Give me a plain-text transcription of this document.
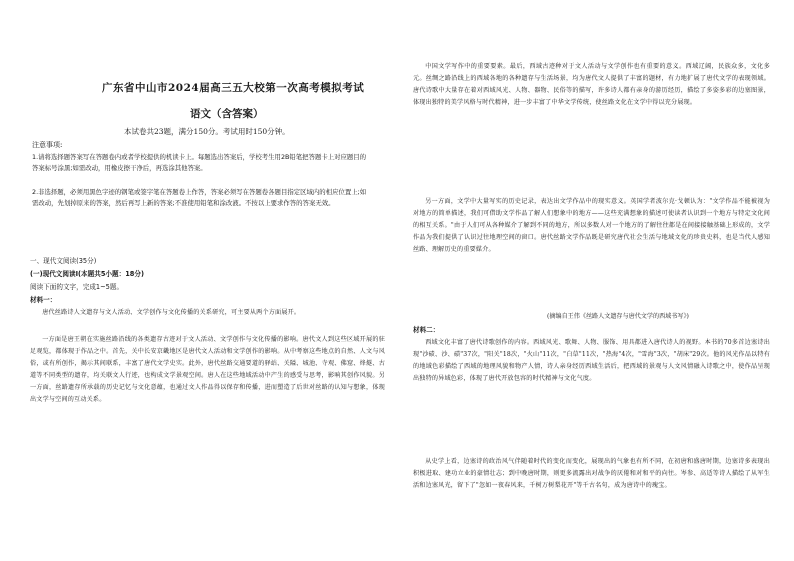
广东省中山市2024届高三五大校第一次高考模拟考试
语文（含答案）
本试卷共23题，满分150分。考试用时150分钟。
注意事项:
1.请将选择题答案写在答题卷内或者学校提供的机读卡上。每题选出答案后，学校考生用2B铅笔把答题卡上对应题目的答案标号涂黑;如需改动，用橡皮擦干净后，再选涂其他答案。
2.非选择题，必须用黑色字迹的钢笔或签字笔在答题卷上作答，答案必须写在答题卷各题目指定区域内的相应位置上;如需改动，先划掉原来的答案，然后再写上新的答案;不准使用铅笔和涂改液。不按以上要求作答的答案无效。
一、现代文阅读(35分)
(一)现代文阅读Ⅰ(本题共5小题：18分)
阅读下面的文字，完成1~5题。
材料一：

唐代丝路诗人文遗存与文人活动、文学创作与文化传播的关系研究，可主要从两个方面展开。

一方面是唐王朝在实施丝路沿线的各类遗存古迹对于文人活动、文学创作与文化传播的影响。唐代文人到这些区域开展的驻足观览，都体现于作品之中。首先，关中长安京畿地区是唐代文人活动和文学创作的影响。从中考察这些地点的自然、人文与风俗，或有所创作，揭示其间联系，丰富了唐代文学史实。此外，唐代丝路交通要道的驿站、关隘、城池、寺观、佛窟、烽燧、古道等不同类型的遗存，均关联文人行迹，也构成文学景观空间。唐人在这些地域活动中产生的感受与思考，影响其创作风貌。另一方面，丝路遗存所承载的历史记忆与文化意蕴，也通过文人作品得以保存和传播，进而塑造了后世对丝路的认知与想象，体现出文学与空间的互动关系。

中国文学写作中的重要要素。最后，西域古迹种对于文人活动与文学创作也有重要的意义。西域辽阔，民族众多，文化多元。丝绸之路沿线上的西域各地的各种遗存与生活场景，均为唐代文人提供了丰富的题材，有力地扩展了唐代文学的表现领域。唐代诗歌中大量存在着对西域风光、人物、器物、民俗等的描写，许多诗人都有亲身的游历经历，描绘了多姿多彩的边塞图景，体现出独特的美学风格与时代精神，进一步丰富了中华文学传统，使丝路文化在文学中得以充分展现。

另一方面，文学中大量写实的历史记录，表达出文学作品中的现实意义。英国学者波尔克·戈顿认为："文学作品不能被视为对地方的简单描述，我们可借助文学作品了解人们想象中的地方——这些充满想象的描述可使读者认识到一个地方与特定文化间的相互关系。"由于人们可从各种媒介了解到不同的地方，所以多数人对一个地方的了解往往都是在间接接触基础上形成的，文学作品为我们提供了认识过往地理空间的窗口。唐代丝路文学作品既是研究唐代社会生活与地域文化的珍贵史料，也是当代人感知丝路、理解历史的重要媒介。

(摘编自王伟《丝路人文遗存与唐代文学的西域书写》)
材料二：

西域文化丰富了唐代诗歌创作的内容。西域风光、歌舞、人物、服饰、用具都进入唐代诗人的视野。本书的70多首边塞诗出现"沙碛、沙、碛"37次，"阳关"18次，"火山"11次，"白草"11次，"热海"4次，"雪海"3次，"胡床"29次。他的风光作品以特有的地域色彩描绘了西域的地理风貌和物产人情，诗人亲身经历西域生活后，把西域的景观与人文风情融入诗歌之中，使作品呈现出独特的异域色彩，体现了唐代开放包容的时代精神与文化气度。

从史学上看，边塞诗的政治风气伴随着时代的变化而变化，展现出的气象也有所不同，在初唐和盛唐时期，边塞诗多表现出积极进取、建功立业的豪情壮志；到中晚唐时期，则更多流露出对战争的厌倦和对和平的向往。岑参、高适等诗人描绘了从军生活和边塞风光，留下了"忽如一夜春风来，千树万树梨花开"等千古名句，成为唐诗中的瑰宝。
